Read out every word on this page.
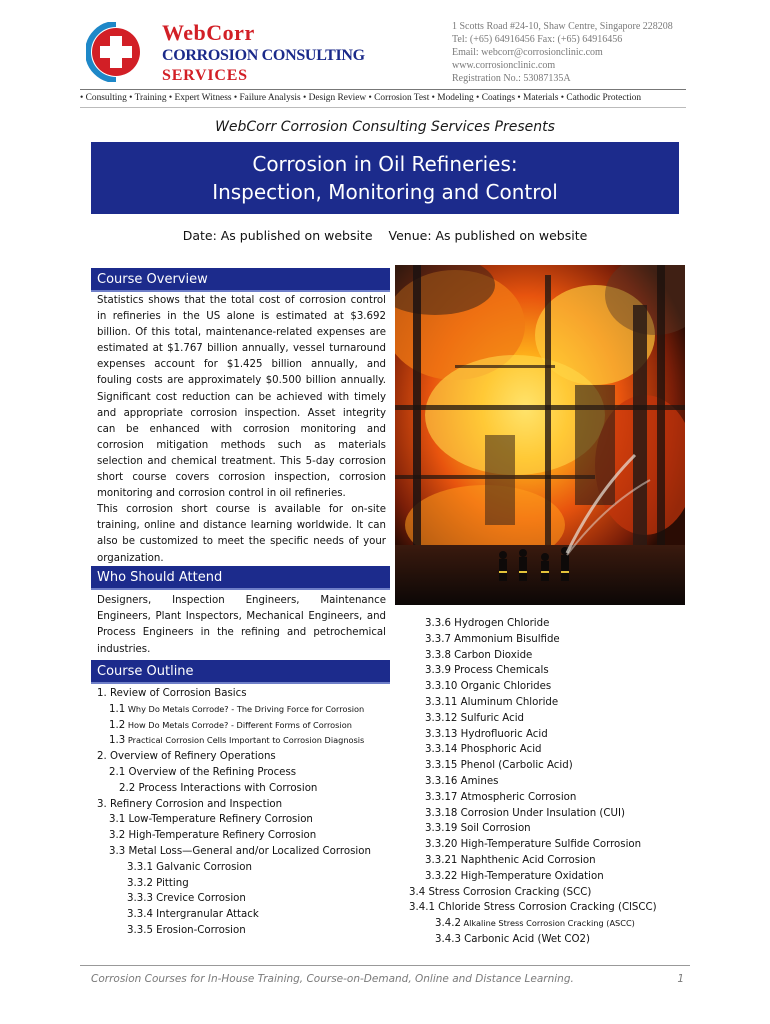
WebCorr
CORROSION CONSULTING
SERVICES
1 Scotts Road #24-10, Shaw Centre, Singapore 228208
Tel: (+65) 64916456 Fax: (+65) 64916456
Email: webcorr@corrosionclinic.com
www.corrosionclinic.com
Registration No.: 53087135A
• Consulting • Training • Expert Witness • Failure Analysis • Design Review • Corrosion Test • Modeling • Coatings • Materials • Cathodic Protection
WebCorr Corrosion Consulting Services Presents
Corrosion in Oil Refineries:
Inspection, Monitoring and Control
Date: As published on website Venue: As published on website
Course Overview

Statistics shows that the total cost of corrosion control in refineries in the US alone is estimated at $3.692 billion. Of this total, maintenance-related expenses are estimated at $1.767 billion annually, vessel turnaround expenses account for $1.425 billion annually, and fouling costs are approximately $0.500 billion annually. Significant cost reduction can be achieved with timely and appropriate corrosion inspection. Asset integrity can be enhanced with corrosion monitoring and corrosion mitigation methods such as materials selection and chemical treatment. This 5-day corrosion short course covers corrosion inspection, corrosion monitoring and corrosion control in oil refineries.

This corrosion short course is available for on-site training, online and distance learning worldwide. It can also be customized to meet the specific needs of your organization.

Who Should Attend
Designers, Inspection Engineers, Maintenance Engineers, Plant Inspectors, Mechanical Engineers, and Process Engineers in the refining and petrochemical industries.
Course Outline
1. Review of Corrosion Basics
1.1 Why Do Metals Corrode? - The Driving Force for Corrosion
1.2 How Do Metals Corrode? - Different Forms of Corrosion
1.3 Practical Corrosion Cells Important to Corrosion Diagnosis
2. Overview of Refinery Operations
2.1 Overview of the Refining Process
2.2 Process Interactions with Corrosion
3. Refinery Corrosion and Inspection
3.1 Low-Temperature Refinery Corrosion
3.2 High-Temperature Refinery Corrosion
3.3 Metal Loss—General and/or Localized Corrosion
3.3.1 Galvanic Corrosion
3.3.2 Pitting
3.3.3 Crevice Corrosion
3.3.4 Intergranular Attack
3.3.5 Erosion-Corrosion
3.3.6 Hydrogen Chloride
3.3.7 Ammonium Bisulfide
3.3.8 Carbon Dioxide
3.3.9 Process Chemicals
3.3.10 Organic Chlorides
3.3.11 Aluminum Chloride
3.3.12 Sulfuric Acid
3.3.13 Hydrofluoric Acid
3.3.14 Phosphoric Acid
3.3.15 Phenol (Carbolic Acid)
3.3.16 Amines
3.3.17 Atmospheric Corrosion
3.3.18 Corrosion Under Insulation (CUI)
3.3.19 Soil Corrosion
3.3.20 High-Temperature Sulfide Corrosion
3.3.21 Naphthenic Acid Corrosion
3.3.22 High-Temperature Oxidation
3.4 Stress Corrosion Cracking (SCC)
3.4.1 Chloride Stress Corrosion Cracking (ClSCC)
3.4.2 Alkaline Stress Corrosion Cracking (ASCC)
3.4.3 Carbonic Acid (Wet CO2)
Corrosion Courses for In-House Training, Course-on-Demand, Online and Distance Learning.	1
